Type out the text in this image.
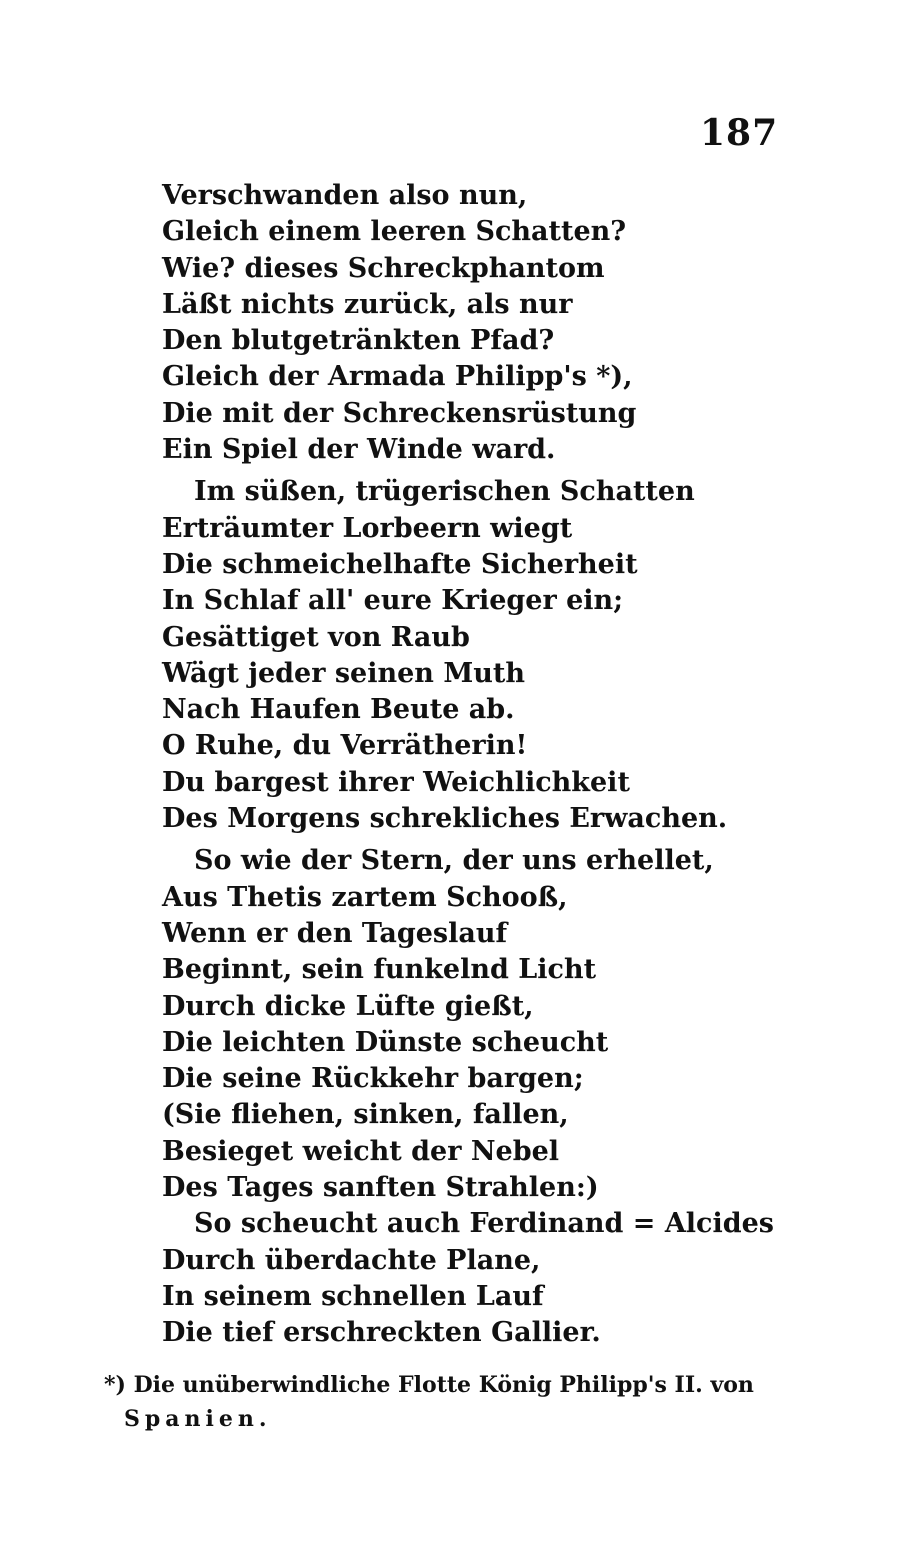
187
Verschwanden also nun,
Gleich einem leeren Schatten?
Wie? dieses Schreckphantom
Läßt nichts zurück, als nur
Den blutgetränkten Pfad?
Gleich der Armada Philipp's *),
Die mit der Schreckensrüstung
Ein Spiel der Winde ward.
Im süßen, trügerischen Schatten
Erträumter Lorbeern wiegt
Die schmeichelhafte Sicherheit
In Schlaf all' eure Krieger ein;
Gesättiget von Raub
Wägt jeder seinen Muth
Nach Haufen Beute ab.
O Ruhe, du Verrätherin!
Du bargest ihrer Weichlichkeit
Des Morgens schrekliches Erwachen.
So wie der Stern, der uns erhellet,
Aus Thetis zartem Schooß,
Wenn er den Tageslauf
Beginnt, sein funkelnd Licht
Durch dicke Lüfte gießt,
Die leichten Dünste scheucht
Die seine Rückkehr bargen;
(Sie fliehen, sinken, fallen,
Besieget weicht der Nebel
Des Tages sanften Strahlen:)
So scheucht auch Ferdinand = Alcides
Durch überdachte Plane,
In seinem schnellen Lauf
Die tief erschreckten Gallier.
*) Die unüberwindliche Flotte König Philipp's II. von
Spanien.
